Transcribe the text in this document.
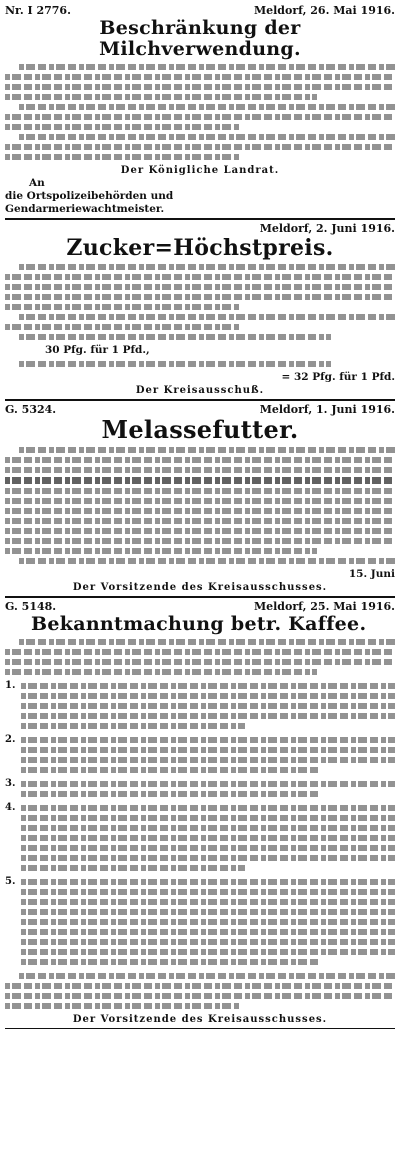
Nr. I 2776.	Meldorf, 26. Mai 1916.
Beschränkung der Milchverwendung.
Der Königliche Landrat.
An
die Ortspolizeibehörden und
Gendarmeriewachtmeister.
Meldorf, 2. Juni 1916.
Zucker=Höchstpreis.
30 Pfg. für 1 Pfd.,
= 32 Pfg. für 1 Pfd.
Der Kreisausschuß.
G. 5324.	Meldorf, 1. Juni 1916.
Melassefutter.
15. Juni
Der Vorsitzende des Kreisausschusses.
G. 5148.	Meldorf, 25. Mai 1916.
Bekanntmachung betr. Kaffee.
1.
2.
3.
4.
5.
Der Vorsitzende des Kreisausschusses.
